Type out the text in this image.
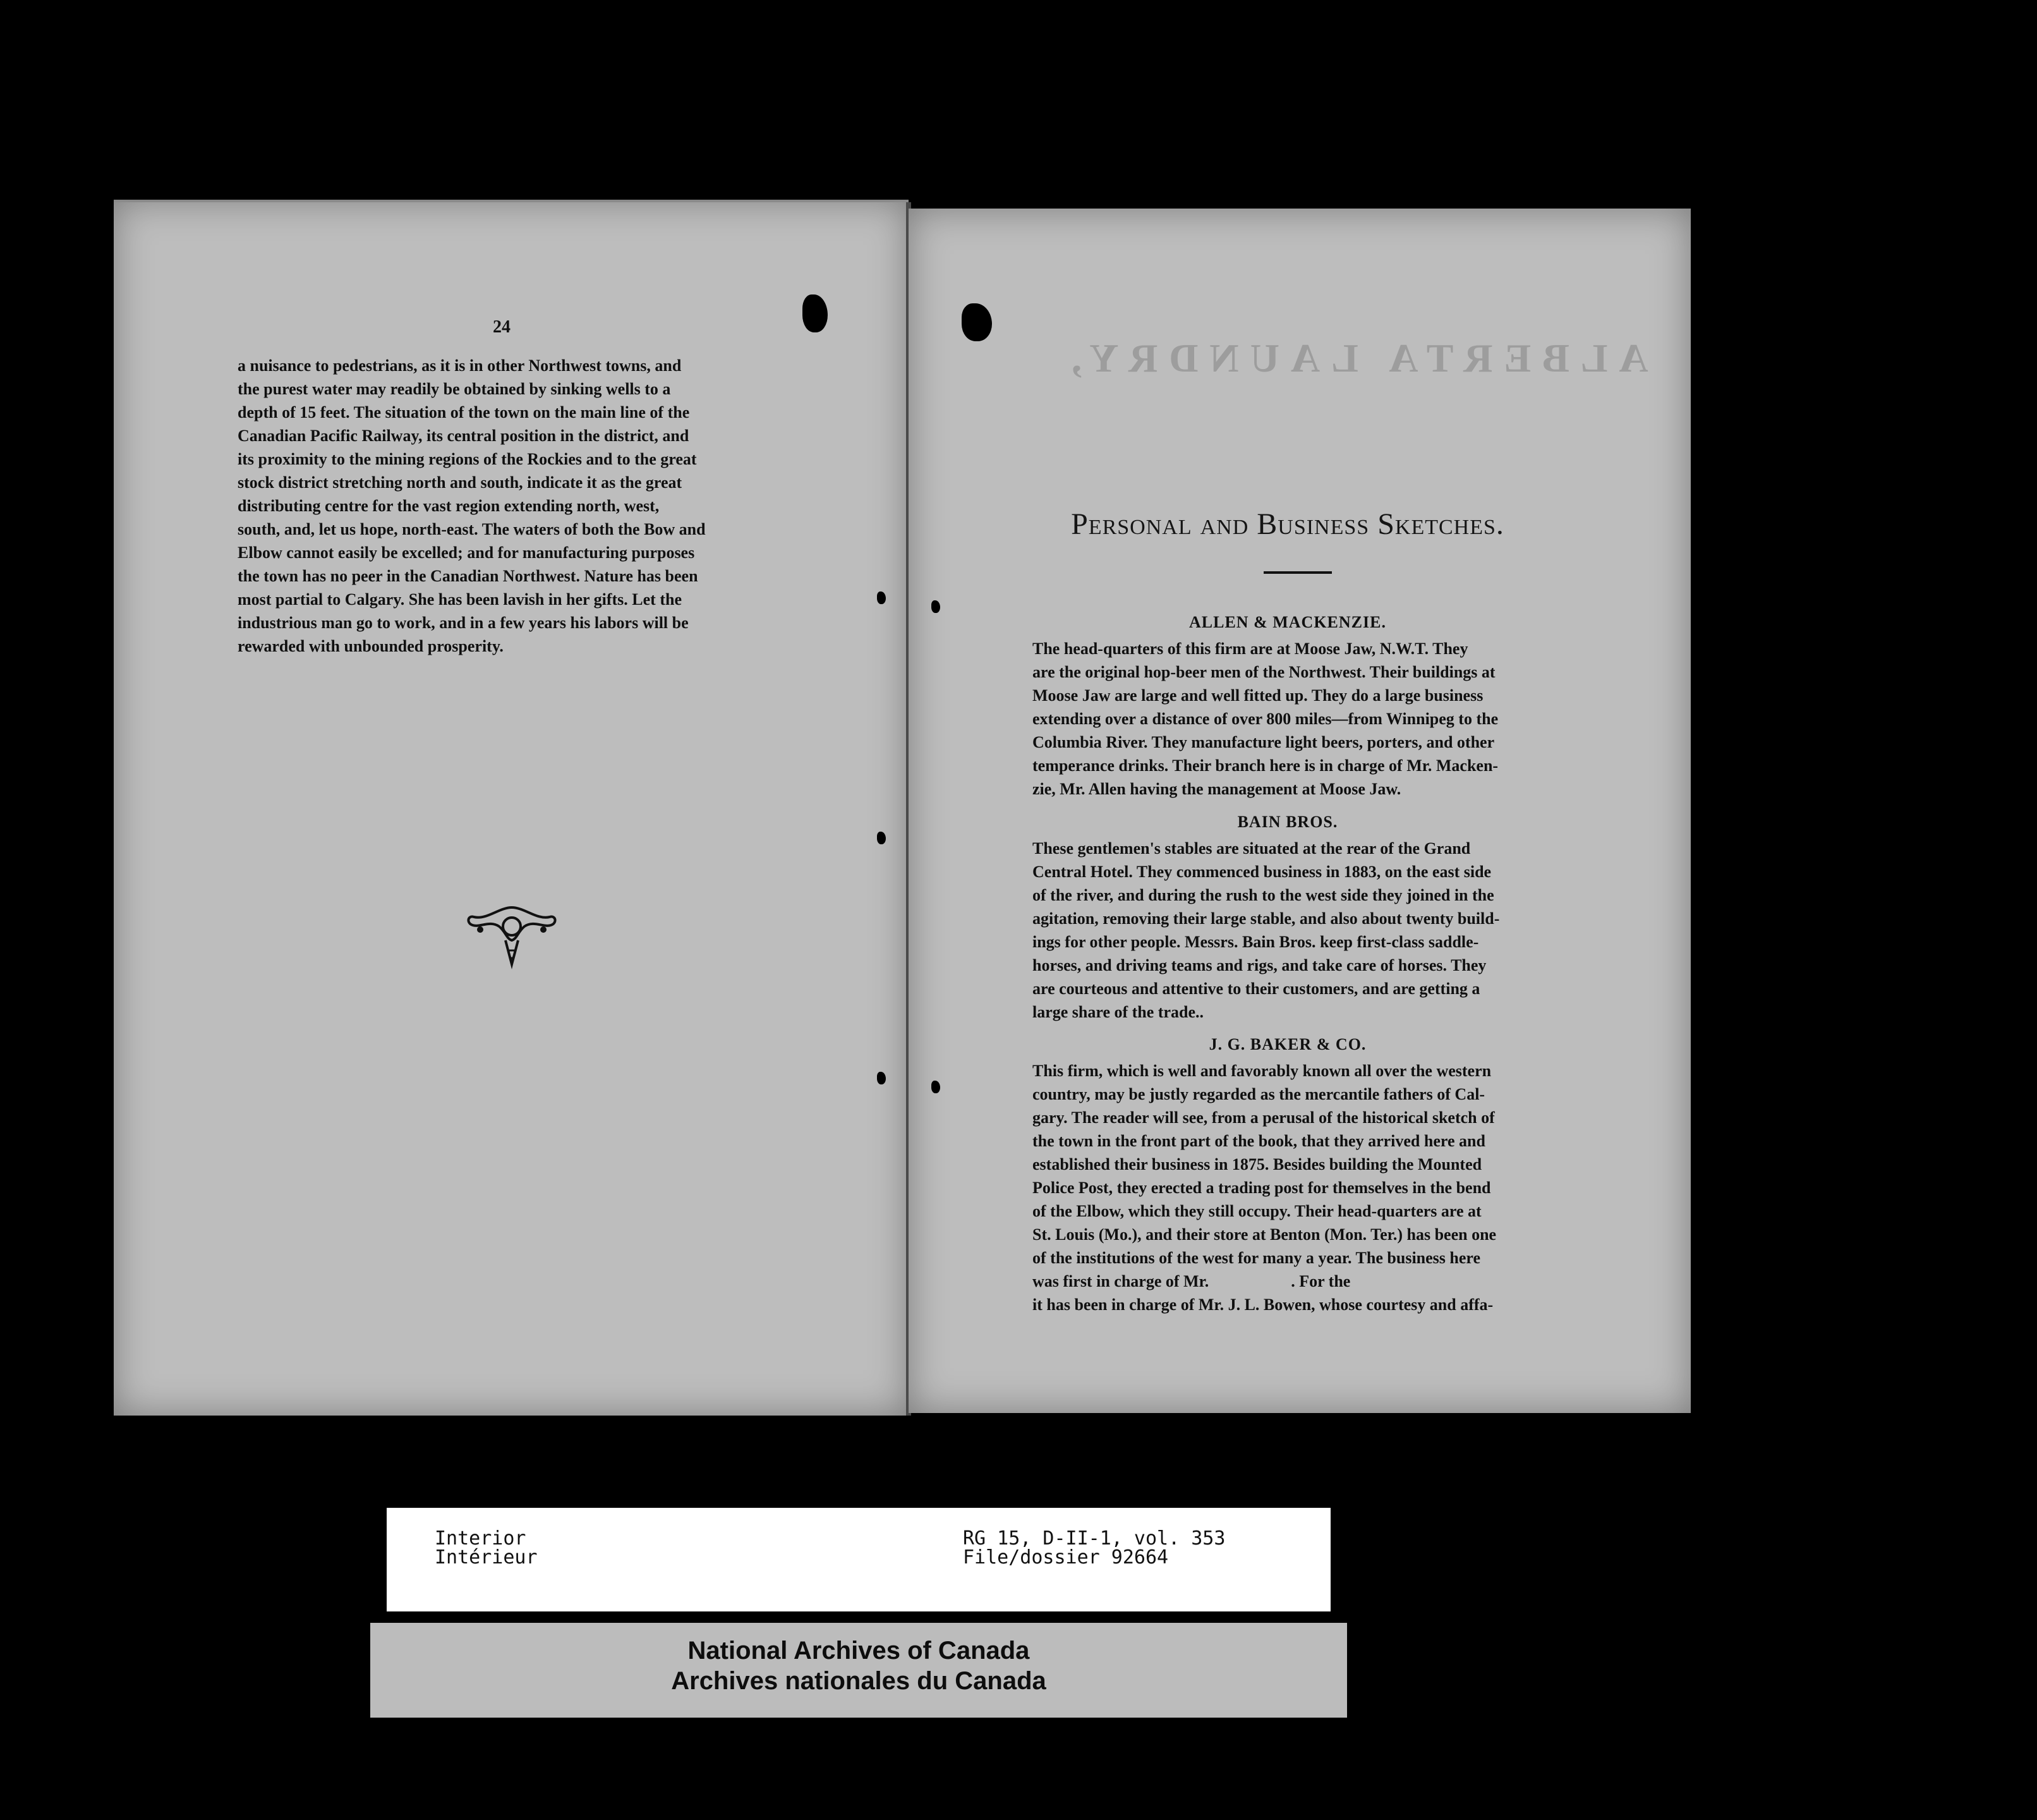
24

a nuisance to pedestrians, as it is in other Northwest towns, and

the purest water may readily be obtained by sinking wells to a

depth of 15 feet. The situation of the town on the main line of the

Canadian Pacific Railway, its central position in the district, and

its proximity to the mining regions of the Rockies and to the great

stock district stretching north and south, indicate it as the great

distributing centre for the vast region extending north, west,

south, and, let us hope, north-east. The waters of both the Bow and

Elbow cannot easily be excelled; and for manufacturing purposes

the town has no peer in the Canadian Northwest. Nature has been

most partial to Calgary. She has been lavish in her gifts. Let the

industrious man go to work, and in a few years his labors will be

rewarded with unbounded prosperity.

ALBERTA LAUNDRY,
Personal and Business Sketches.
ALLEN & MACKENZIE.

The head-quarters of this firm are at Moose Jaw, N.W.T. They

are the original hop-beer men of the Northwest. Their buildings at

Moose Jaw are large and well fitted up. They do a large business

extending over a distance of over 800 miles—from Winnipeg to the

Columbia River. They manufacture light beers, porters, and other

temperance drinks. Their branch here is in charge of Mr. Macken-

zie, Mr. Allen having the management at Moose Jaw.

BAIN BROS.

These gentlemen's stables are situated at the rear of the Grand

Central Hotel. They commenced business in 1883, on the east side

of the river, and during the rush to the west side they joined in the

agitation, removing their large stable, and also about twenty build-

ings for other people. Messrs. Bain Bros. keep first-class saddle-

horses, and driving teams and rigs, and take care of horses. They

are courteous and attentive to their customers, and are getting a

large share of the trade..

J. G. BAKER & CO.

This firm, which is well and favorably known all over the western

country, may be justly regarded as the mercantile fathers of Cal-

gary. The reader will see, from a perusal of the historical sketch of

the town in the front part of the book, that they arrived here and

established their business in 1875. Besides building the Mounted

Police Post, they erected a trading post for themselves in the bend

of the Elbow, which they still occupy. Their head-quarters are at

St. Louis (Mo.), and their store at Benton (Mon. Ter.) has been one

of the institutions of the west for many a year. The business here

was first in charge of Mr.                    . For the

it has been in charge of Mr. J. L. Bowen, whose courtesy and affa-

Interior
Intérieur
RG 15, D-II-1, vol. 353
File/dossier 92664
National Archives of Canada
Archives nationales du Canada
